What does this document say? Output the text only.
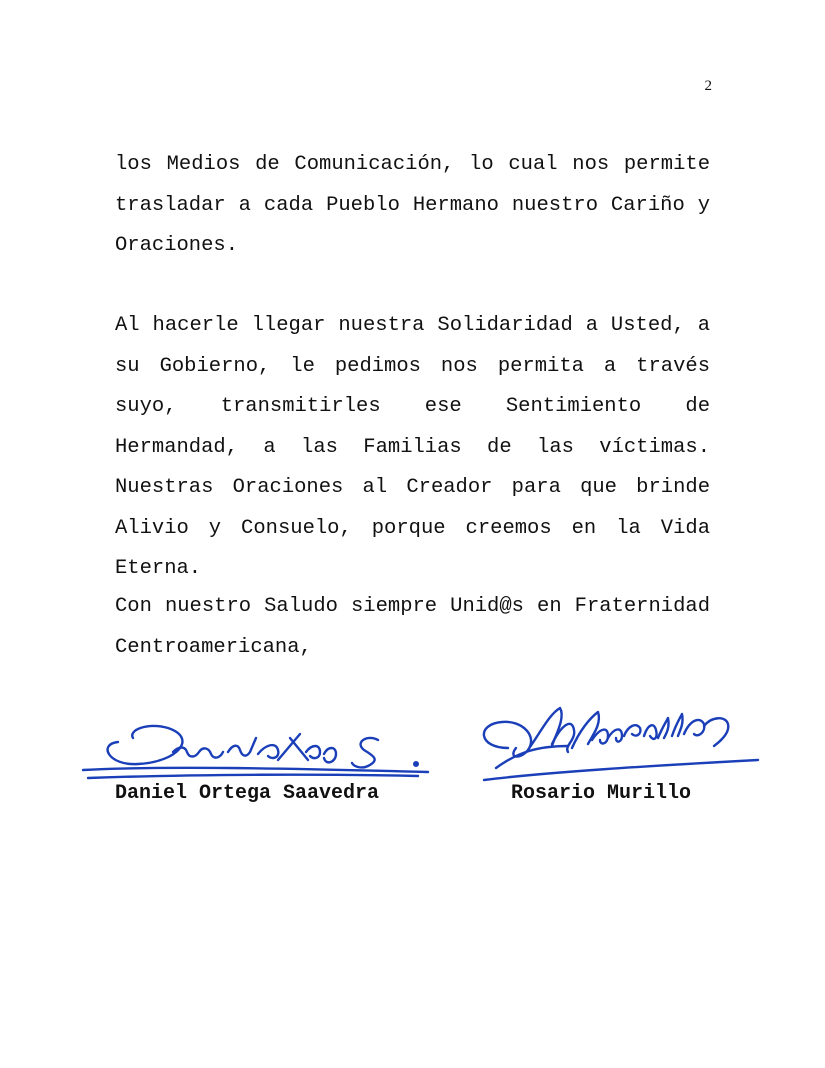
2

los Medios de Comunicación, lo cual nos permite trasladar a cada Pueblo Hermano nuestro Cariño y Oraciones.

Al hacerle llegar nuestra Solidaridad a Usted, a su Gobierno, le pedimos nos permita a través suyo, transmitirles ese Sentimiento de Hermandad, a las Familias de las víctimas. Nuestras Oraciones al Creador para que brinde Alivio y Consuelo, porque creemos en la Vida Eterna.

Con nuestro Saludo siempre Unid@s en Fraternidad Centroamericana,

Daniel Ortega Saavedra	Rosario Murillo
